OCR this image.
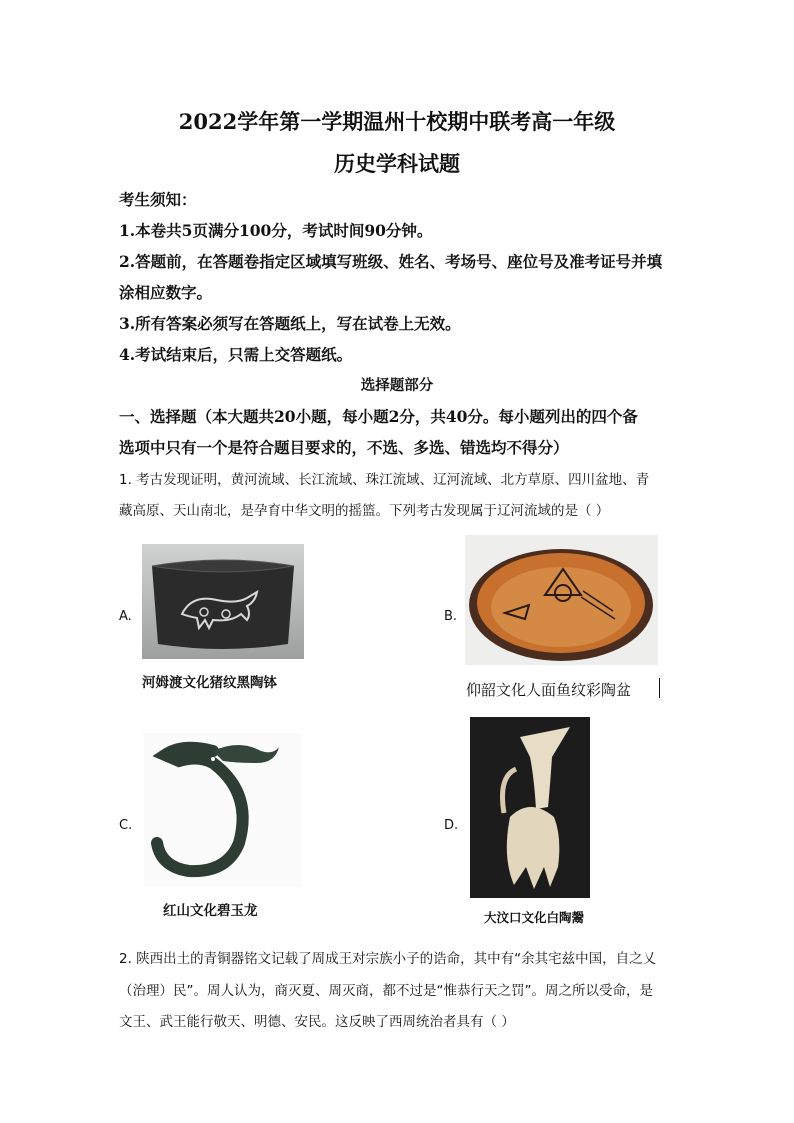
2022学年第一学期温州十校期中联考高一年级
历史学科试题
考生须知：
1.本卷共5页满分100分，考试时间90分钟。
2.答题前，在答题卷指定区域填写班级、姓名、考场号、座位号及准考证号并填
涂相应数字。
3.所有答案必须写在答题纸上，写在试卷上无效。
4.考试结束后，只需上交答题纸。
选择题部分
一、选择题（本大题共20小题，每小题2分，共40分。每小题列出的四个备
选项中只有一个是符合题目要求的，不选、多选、错选均不得分）
1. 考古发现证明，黄河流域、长江流域、珠江流域、辽河流域、北方草原、四川盆地、青
藏高原、天山南北，是孕育中华文明的摇篮。下列考古发现属于辽河流域的是（ ）
A.
河姆渡文化猪纹黑陶钵
B.
仰韶文化人面鱼纹彩陶盆
C.
红山文化碧玉龙
D.
大汶口文化白陶鬶
2. 陕西出土的青铜器铭文记载了周成王对宗族小子的诰命，其中有“余其宅兹中国，自之乂
（治理）民”。周人认为，商灭夏、周灭商，都不过是“惟恭行天之罚”。周之所以受命，是
文王、武王能行敬天、明德、安民。这反映了西周统治者具有（ ）
